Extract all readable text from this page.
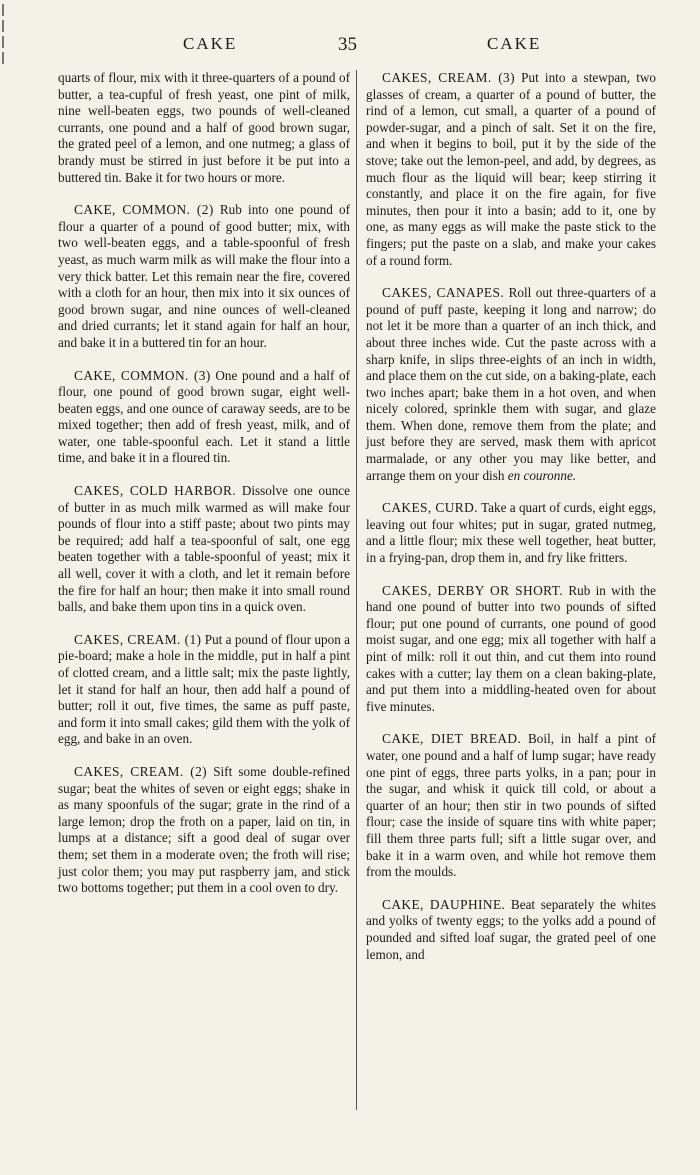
CAKE	35	CAKE

quarts of flour, mix with it three-quarters of a pound of butter, a tea-cupful of fresh yeast, one pint of milk, nine well-beaten eggs, two pounds of well-cleaned currants, one pound and a half of good brown sugar, the grated peel of a lemon, and one nutmeg; a glass of brandy must be stirred in just before it be put into a buttered tin. Bake it for two hours or more.

CAKE, COMMON. (2) Rub into one pound of flour a quarter of a pound of good butter; mix, with two well-beaten eggs, and a table-spoonful of fresh yeast, as much warm milk as will make the flour into a very thick batter. Let this remain near the fire, covered with a cloth for an hour, then mix into it six ounces of good brown sugar, and nine ounces of well-cleaned and dried currants; let it stand again for half an hour, and bake it in a buttered tin for an hour.

CAKE, COMMON. (3) One pound and a half of flour, one pound of good brown sugar, eight well-beaten eggs, and one ounce of caraway seeds, are to be mixed together; then add of fresh yeast, milk, and of water, one table-spoonful each. Let it stand a little time, and bake it in a floured tin.

CAKES, COLD HARBOR. Dissolve one ounce of butter in as much milk warmed as will make four pounds of flour into a stiff paste; about two pints may be required; add half a tea-spoonful of salt, one egg beaten together with a table-spoonful of yeast; mix it all well, cover it with a cloth, and let it remain before the fire for half an hour; then make it into small round balls, and bake them upon tins in a quick oven.

CAKES, CREAM. (1) Put a pound of flour upon a pie-board; make a hole in the middle, put in half a pint of clotted cream, and a little salt; mix the paste lightly, let it stand for half an hour, then add half a pound of butter; roll it out, five times, the same as puff paste, and form it into small cakes; gild them with the yolk of egg, and bake in an oven.

CAKES, CREAM. (2) Sift some double-refined sugar; beat the whites of seven or eight eggs; shake in as many spoonfuls of the sugar; grate in the rind of a large lemon; drop the froth on a paper, laid on tin, in lumps at a distance; sift a good deal of sugar over them; set them in a moderate oven; the froth will rise; just color them; you may put raspberry jam, and stick two bottoms together; put them in a cool oven to dry.

CAKES, CREAM. (3) Put into a stewpan, two glasses of cream, a quarter of a pound of butter, the rind of a lemon, cut small, a quarter of a pound of powder-sugar, and a pinch of salt. Set it on the fire, and when it begins to boil, put it by the side of the stove; take out the lemon-peel, and add, by degrees, as much flour as the liquid will bear; keep stirring it constantly, and place it on the fire again, for five minutes, then pour it into a basin; add to it, one by one, as many eggs as will make the paste stick to the fingers; put the paste on a slab, and make your cakes of a round form.

CAKES, CANAPES. Roll out three-quarters of a pound of puff paste, keeping it long and narrow; do not let it be more than a quarter of an inch thick, and about three inches wide. Cut the paste across with a sharp knife, in slips three-eights of an inch in width, and place them on the cut side, on a baking-plate, each two inches apart; bake them in a hot oven, and when nicely colored, sprinkle them with sugar, and glaze them. When done, remove them from the plate; and just before they are served, mask them with apricot marmalade, or any other you may like better, and arrange them on your dish en couronne.

CAKES, CURD. Take a quart of curds, eight eggs, leaving out four whites; put in sugar, grated nutmeg, and a little flour; mix these well together, heat butter, in a frying-pan, drop them in, and fry like fritters.

CAKES, DERBY OR SHORT. Rub in with the hand one pound of butter into two pounds of sifted flour; put one pound of currants, one pound of good moist sugar, and one egg; mix all together with half a pint of milk: roll it out thin, and cut them into round cakes with a cutter; lay them on a clean baking-plate, and put them into a middling-heated oven for about five minutes.

CAKE, DIET BREAD. Boil, in half a pint of water, one pound and a half of lump sugar; have ready one pint of eggs, three parts yolks, in a pan; pour in the sugar, and whisk it quick till cold, or about a quarter of an hour; then stir in two pounds of sifted flour; case the inside of square tins with white paper; fill them three parts full; sift a little sugar over, and bake it in a warm oven, and while hot remove them from the moulds.

CAKE, DAUPHINE. Beat separately the whites and yolks of twenty eggs; to the yolks add a pound of pounded and sifted loaf sugar, the grated peel of one lemon, and
